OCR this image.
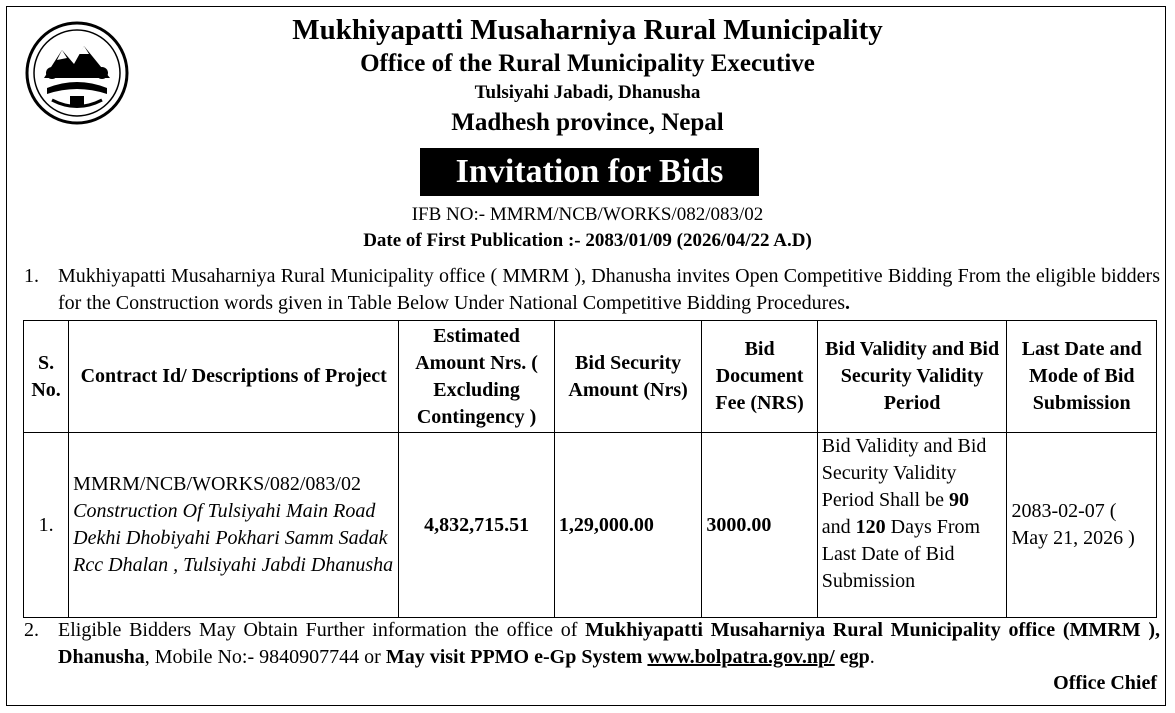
Mukhiyapatti Musaharniya Rural Municipality
Office of the Rural Municipality Executive
Tulsiyahi Jabadi, Dhanusha
Madhesh province, Nepal
Invitation for Bids
IFB NO:- MMRM/NCB/WORKS/082/083/02
Date of First Publication :- 2083/01/09 (2026/04/22 A.D)
1. Mukhiyapatti Musaharniya Rural Municipality office ( MMRM ), Dhanusha invites Open Competitive Bidding From the eligible bidders for the Construction words given in Table Below Under National Competitive Bidding Procedures.
S. No.	Contract Id/ Descriptions of Project	Estimated Amount Nrs. ( Excluding Contingency )	Bid Security Amount (Nrs)	Bid Document Fee (NRS)	Bid Validity and Bid Security Validity Period	Last Date and Mode of Bid Submission
1.	MMRM/NCB/WORKS/082/083/02
Construction Of Tulsiyahi Main Road Dekhi Dhobiyahi Pokhari Samm Sadak Rcc Dhalan , Tulsiyahi Jabdi Dhanusha	4,832,715.51	1,29,000.00	3000.00	Bid Validity and Bid Security Validity Period Shall be 90 and 120 Days From Last Date of Bid Submission	2083-02-07 ( May 21, 2026 )
2. Eligible Bidders May Obtain Further information the office of Mukhiyapatti Musaharniya Rural Municipality office (MMRM ), Dhanusha, Mobile No:- 9840907744 or May visit PPMO e-Gp System www.bolpatra.gov.np/ egp.
Office Chief
